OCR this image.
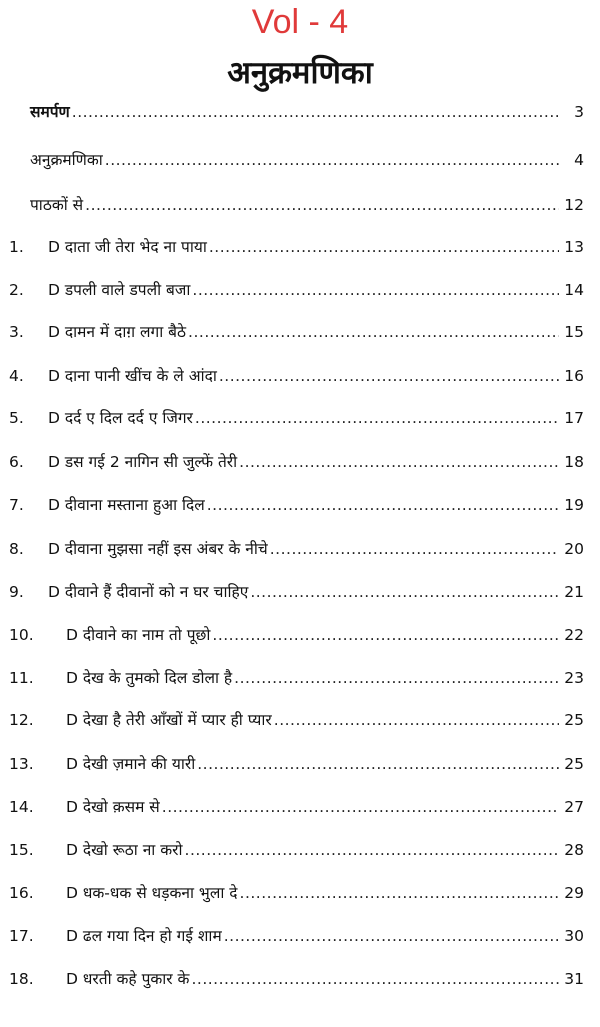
Vol - 4
अनुक्रमणिका
समर्पण .....	3
अनुक्रमणिका .....	4
पाठकों से .....	12
1.	D दाता जी तेरा भेद ना पाया .....	13
2.	D डपली वाले डपली बजा .....	14
3.	D दामन में दाग़ लगा बैठे .....	15
4.	D दाना पानी खींच के ले आंदा .....	16
5.	D दर्द ए दिल दर्द ए जिगर .....	17
6.	D डस गई 2 नागिन सी जुल्फें तेरी .....	18
7.	D दीवाना मस्ताना हुआ दिल .....	19
8.	D दीवाना मुझसा नहीं इस अंबर के नीचे .....	20
9.	D दीवाने हैं दीवानों को न घर चाहिए .....	21
10.	D दीवाने का नाम तो पूछो .....	22
11.	D देख के तुमको दिल डोला है .....	23
12.	D देखा है तेरी आँखों में प्यार ही प्यार .....	25
13.	D देखी ज़माने की यारी .....	25
14.	D देखो क़सम से .....	27
15.	D देखो रूठा ना करो .....	28
16.	D धक-धक से धड़कना भुला दे .....	29
17.	D ढल गया दिन हो गई शाम .....	30
18.	D धरती कहे पुकार के .....	31
